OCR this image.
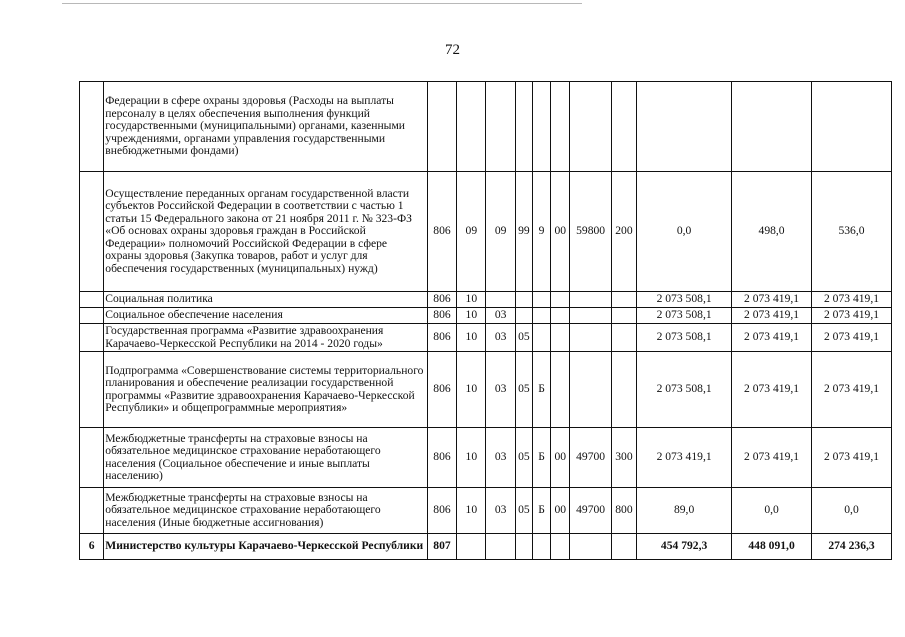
72
	Федерации в сфере охраны здоровья (Расходы на выплаты персоналу в целях обеспечения выполнения функций государственными (муниципальными) органами, казенными учреждениями, органами управления государственными внебюджетными фондами)											
	Осуществление переданных органам государственной власти субъектов Российской Федерации в соответствии с частью 1 статьи 15 Федерального закона от 21 ноября 2011 г. № 323-ФЗ «Об основах охраны здоровья граждан в Российской Федерации» полномочий Российской Федерации в сфере охраны здоровья (Закупка товаров, работ и услуг для обеспечения государственных (муниципальных) нужд)	806	09	09	99	9	00	59800	200	0,0	498,0	536,0
	Социальная политика	806	10							2 073 508,1	2 073 419,1	2 073 419,1
	Социальное обеспечение населения	806	10	03						2 073 508,1	2 073 419,1	2 073 419,1
	Государственная программа «Развитие здравоохранения Карачаево-Черкесской Республики на 2014 - 2020 годы»	806	10	03	05					2 073 508,1	2 073 419,1	2 073 419,1
	Подпрограмма «Совершенствование системы территориального планирования и обеспечение реализации государственной программы «Развитие здравоохранения Карачаево-Черкесской Республики» и общепрограммные мероприятия»	806	10	03	05	Б				2 073 508,1	2 073 419,1	2 073 419,1
	Межбюджетные трансферты на страховые взносы на обязательное медицинское страхование неработающего населения (Социальное обеспечение и иные выплаты населению)	806	10	03	05	Б	00	49700	300	2 073 419,1	2 073 419,1	2 073 419,1
	Межбюджетные трансферты на страховые взносы на обязательное медицинское страхование неработающего населения (Иные бюджетные ассигнования)	806	10	03	05	Б	00	49700	800	89,0	0,0	0,0
6	Министерство культуры Карачаево-Черкесской Республики	807								454 792,3	448 091,0	274 236,3
